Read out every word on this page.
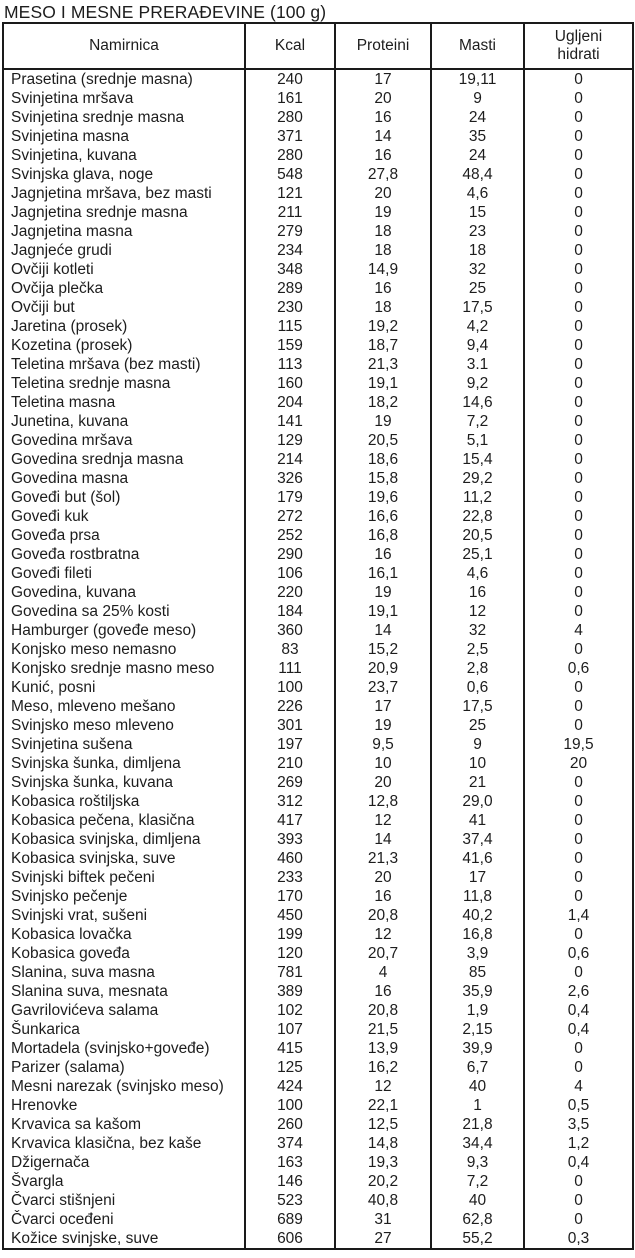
MESO I MESNE PRERAĐEVINE (100 g)
Namirnica	Kcal	Proteini	Masti	Ugljeni hidrati
Prasetina (srednje masna)	240	17	19,11	0
Svinjetina mršava	161	20	9	0
Svinjetina srednje masna	280	16	24	0
Svinjetina masna	371	14	35	0
Svinjetina, kuvana	280	16	24	0
Svinjska glava, noge	548	27,8	48,4	0
Jagnjetina mršava, bez masti	121	20	4,6	0
Jagnjetina srednje masna	211	19	15	0
Jagnjetina masna	279	18	23	0
Jagnjeće grudi	234	18	18	0
Ovčiji kotleti	348	14,9	32	0
Ovčija plečka	289	16	25	0
Ovčiji but	230	18	17,5	0
Jaretina (prosek)	115	19,2	4,2	0
Kozetina (prosek)	159	18,7	9,4	0
Teletina mršava (bez masti)	113	21,3	3.1	0
Teletina srednje masna	160	19,1	9,2	0
Teletina masna	204	18,2	14,6	0
Junetina, kuvana	141	19	7,2	0
Govedina mršava	129	20,5	5,1	0
Govedina srednja masna	214	18,6	15,4	0
Govedina masna	326	15,8	29,2	0
Goveđi but (šol)	179	19,6	11,2	0
Goveđi kuk	272	16,6	22,8	0
Goveđa prsa	252	16,8	20,5	0
Goveđa rostbratna	290	16	25,1	0
Goveđi fileti	106	16,1	4,6	0
Govedina, kuvana	220	19	16	0
Govedina sa 25% kosti	184	19,1	12	0
Hamburger (goveđe meso)	360	14	32	4
Konjsko meso nemasno	83	15,2	2,5	0
Konjsko srednje masno meso	111	20,9	2,8	0,6
Kunić, posni	100	23,7	0,6	0
Meso, mleveno mešano	226	17	17,5	0
Svinjsko meso mleveno	301	19	25	0
Svinjetina sušena	197	9,5	9	19,5
Svinjska šunka, dimljena	210	10	10	20
Svinjska šunka, kuvana	269	20	21	0
Kobasica roštiljska	312	12,8	29,0	0
Kobasica pečena, klasična	417	12	41	0
Kobasica svinjska, dimljena	393	14	37,4	0
Kobasica svinjska, suve	460	21,3	41,6	0
Svinjski biftek pečeni	233	20	17	0
Svinjsko pečenje	170	16	11,8	0
Svinjski vrat, sušeni	450	20,8	40,2	1,4
Kobasica lovačka	199	12	16,8	0
Kobasica goveđa	120	20,7	3,9	0,6
Slanina, suva masna	781	4	85	0
Slanina suva, mesnata	389	16	35,9	2,6
Gavrilovićeva salama	102	20,8	1,9	0,4
Šunkarica	107	21,5	2,15	0,4
Mortadela (svinjsko+goveđe)	415	13,9	39,9	0
Parizer (salama)	125	16,2	6,7	0
Mesni narezak (svinjsko meso)	424	12	40	4
Hrenovke	100	22,1	1	0,5
Krvavica sa kašom	260	12,5	21,8	3,5
Krvavica klasična, bez kaše	374	14,8	34,4	1,2
Džigernača	163	19,3	9,3	0,4
Švargla	146	20,2	7,2	0
Čvarci stišnjeni	523	40,8	40	0
Čvarci oceđeni	689	31	62,8	0
Kožice svinjske, suve	606	27	55,2	0,3
